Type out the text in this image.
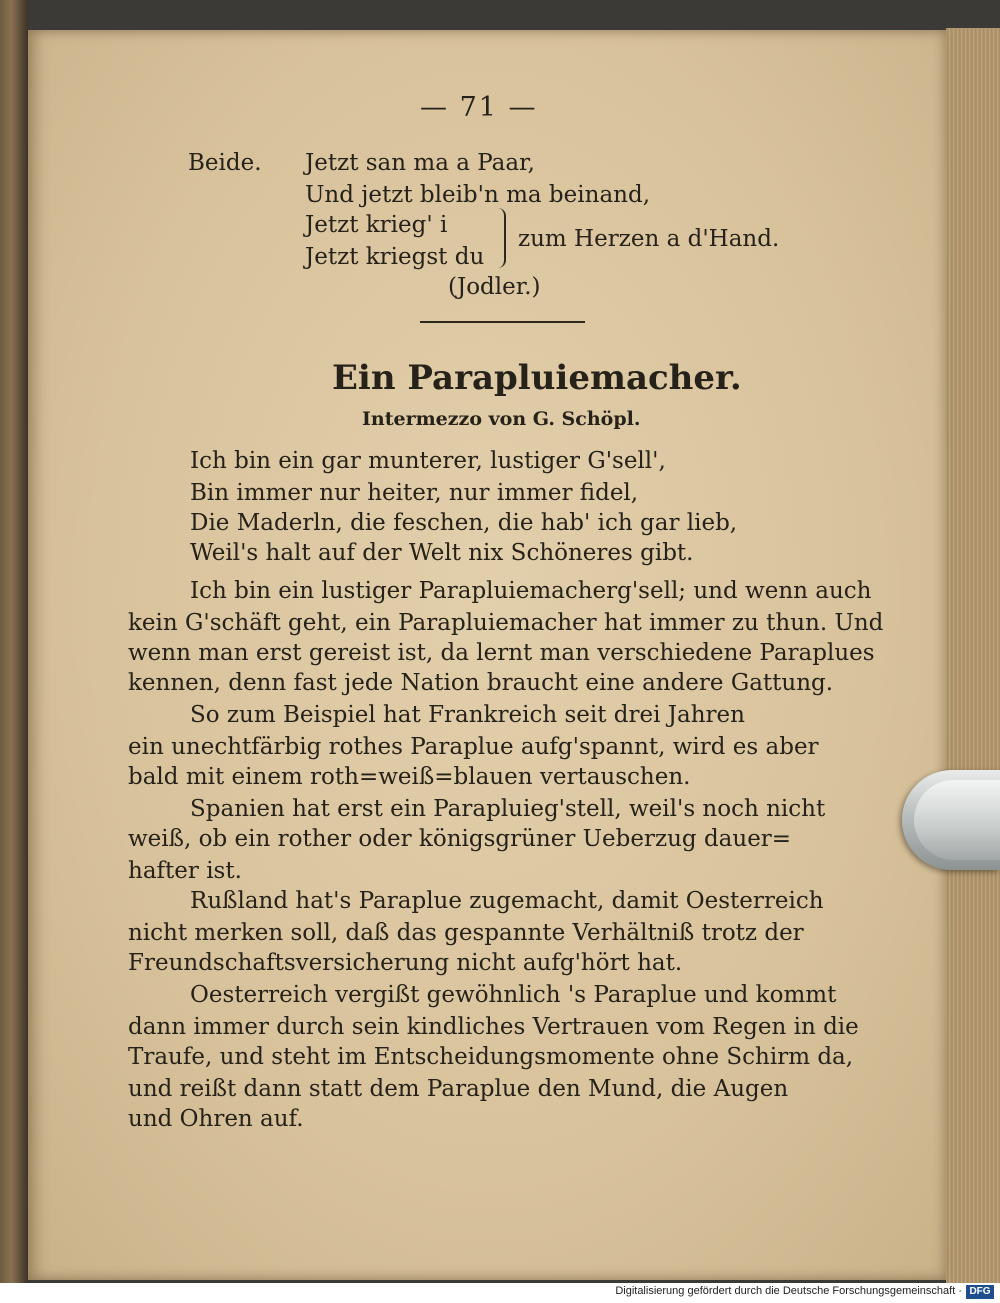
— 71 —
Beide. Jetzt san ma a Paar,
Und jetzt bleib'n ma beinand,
Jetzt krieg' i
Jetzt kriegst du
zum Herzen a d'Hand.
(Jodler.)
Ein Parapluiemacher.
Intermezzo von G. Schöpl.
Ich bin ein gar munterer, lustiger G'sell',
Bin immer nur heiter, nur immer fidel,
Die Maderln, die feschen, die hab' ich gar lieb,
Weil's halt auf der Welt nix Schöneres gibt.
Ich bin ein lustiger Parapluiemacherg'sell; und wenn auch
kein G'schäft geht, ein Parapluiemacher hat immer zu thun. Und
wenn man erst gereist ist, da lernt man verschiedene Paraplues
kennen, denn fast jede Nation braucht eine andere Gattung.
So zum Beispiel hat Frankreich seit drei Jahren
ein unechtfärbig rothes Paraplue aufg'spannt, wird es aber
bald mit einem roth=weiß=blauen vertauschen.
Spanien hat erst ein Parapluieg'stell, weil's noch nicht
weiß, ob ein rother oder königsgrüner Ueberzug dauer=
hafter ist.
Rußland hat's Paraplue zugemacht, damit Oesterreich
nicht merken soll, daß das gespannte Verhältniß trotz der
Freundschaftsversicherung nicht aufg'hört hat.
Oesterreich vergißt gewöhnlich 's Paraplue und kommt
dann immer durch sein kindliches Vertrauen vom Regen in die
Traufe, und steht im Entscheidungsmomente ohne Schirm da,
und reißt dann statt dem Paraplue den Mund, die Augen
und Ohren auf.
Digitalisierung gefördert durch die Deutsche Forschungsgemeinschaft · DFG
